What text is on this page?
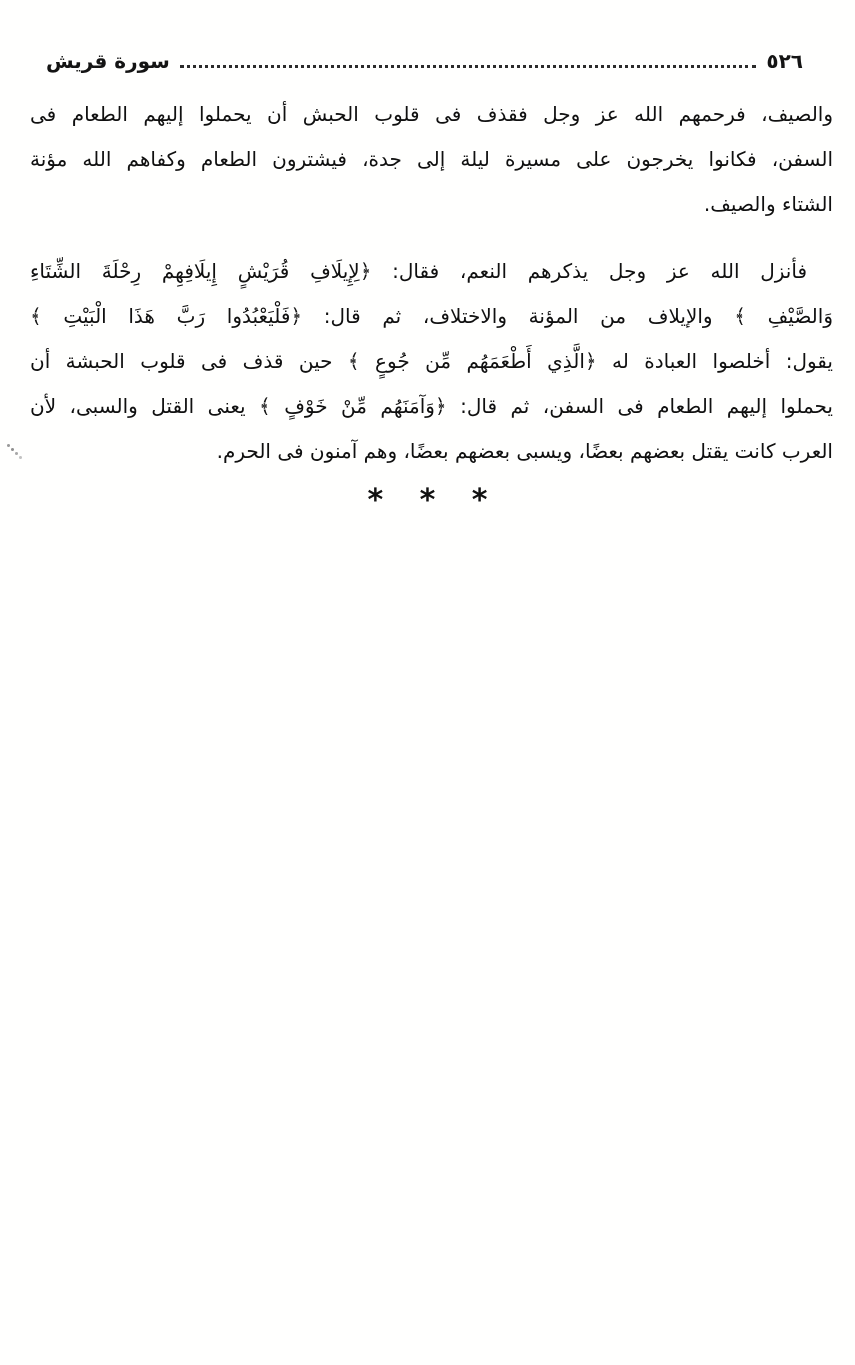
سورة قريش	٥٢٦
والصيف، فرحمهم الله عز وجل فقذف فى قلوب الحبش أن يحملوا إليهم الطعام فى
السفن، فكانوا يخرجون على مسيرة ليلة إلى جدة، فيشترون الطعام وكفاهم الله مؤنة
الشتاء والصيف.
فأنزل الله عز وجل يذكرهم النعم، فقال: ﴿لِإِيلَافِ قُرَيْشٍ إِيلَافِهِمْ رِحْلَةَ الشِّتَاءِ
وَالصَّيْفِ ﴾ والإيلاف من المؤنة والاختلاف، ثم قال: ﴿فَلْيَعْبُدُوا رَبَّ هَذَا الْبَيْتِ ﴾
يقول: أخلصوا العبادة له ﴿الَّذِي أَطْعَمَهُم مِّن جُوعٍ ﴾ حين قذف فى قلوب الحبشة أن
يحملوا إليهم الطعام فى السفن، ثم قال: ﴿وَآمَنَهُم مِّنْ خَوْفٍ ﴾ يعنى القتل والسبى، لأن
العرب كانت يقتل بعضهم بعضًا، ويسبى بعضهم بعضًا، وهم آمنون فى الحرم.
* * *
